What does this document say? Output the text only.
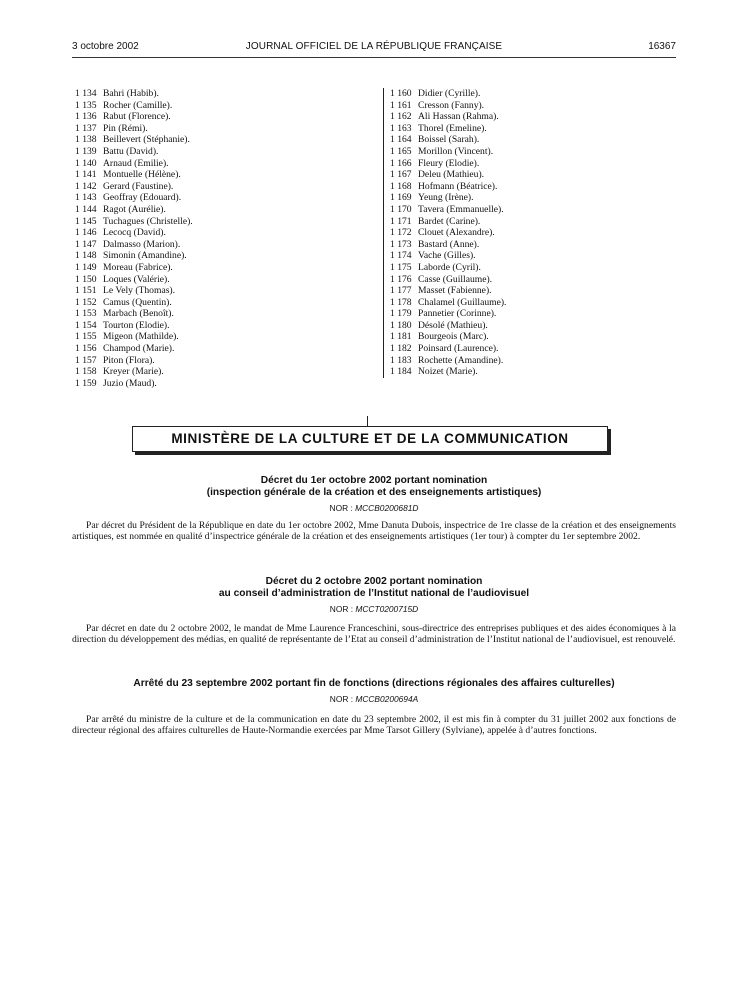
3 octobre 2002	JOURNAL OFFICIEL DE LA RÉPUBLIQUE FRANÇAISE	16367
1 134 Bahri (Habib).
1 135 Rocher (Camille).
1 136 Rabut (Florence).
1 137 Pin (Rémi).
1 138 Beillevert (Stéphanie).
1 139 Battu (David).
1 140 Arnaud (Emilie).
1 141 Montuelle (Hélène).
1 142 Gerard (Faustine).
1 143 Geoffray (Edouard).
1 144 Ragot (Aurélie).
1 145 Tuchagues (Christelle).
1 146 Lecocq (David).
1 147 Dalmasso (Marion).
1 148 Simonin (Amandine).
1 149 Moreau (Fabrice).
1 150 Loques (Valérie).
1 151 Le Vely (Thomas).
1 152 Camus (Quentin).
1 153 Marbach (Benoît).
1 154 Tourton (Elodie).
1 155 Migeon (Mathilde).
1 156 Champod (Marie).
1 157 Piton (Flora).
1 158 Kreyer (Marie).
1 159 Juzio (Maud).
1 160 Didier (Cyrille).
1 161 Cresson (Fanny).
1 162 Ali Hassan (Rahma).
1 163 Thorel (Emeline).
1 164 Boissel (Sarah).
1 165 Morillon (Vincent).
1 166 Fleury (Elodie).
1 167 Deleu (Mathieu).
1 168 Hofmann (Béatrice).
1 169 Yeung (Irène).
1 170 Tavera (Emmanuelle).
1 171 Bardet (Carine).
1 172 Clouet (Alexandre).
1 173 Bastard (Anne).
1 174 Vache (Gilles).
1 175 Laborde (Cyril).
1 176 Casse (Guillaume).
1 177 Masset (Fabienne).
1 178 Chalamel (Guillaume).
1 179 Pannetier (Corinne).
1 180 Désolé (Mathieu).
1 181 Bourgeois (Marc).
1 182 Poinsard (Laurence).
1 183 Rochette (Amandine).
1 184 Noizet (Marie).
MINISTÈRE DE LA CULTURE ET DE LA COMMUNICATION
Décret du 1er octobre 2002 portant nomination
(inspection générale de la création et des enseignements artistiques)
NOR : MCCB0200681D
Par décret du Président de la République en date du 1er octobre 2002, Mme Danuta Dubois, inspectrice de 1re classe de la création et des enseignements artistiques, est nommée en qualité d’inspectrice générale de la création et des enseignements artistiques (1er tour) à compter du 1er septembre 2002.
Décret du 2 octobre 2002 portant nomination
au conseil d’administration de l’Institut national de l’audiovisuel
NOR : MCCT0200715D
Par décret en date du 2 octobre 2002, le mandat de Mme Laurence Franceschini, sous-directrice des entreprises publiques et des aides économiques à la direction du développement des médias, en qualité de représentante de l’Etat au conseil d’administration de l’Institut national de l’audiovisuel, est renouvelé.
Arrêté du 23 septembre 2002 portant fin de fonctions (directions régionales des affaires culturelles)
NOR : MCCB0200694A
Par arrêté du ministre de la culture et de la communication en date du 23 septembre 2002, il est mis fin à compter du 31 juillet 2002 aux fonctions de directeur régional des affaires culturelles de Haute-Normandie exercées par Mme Tarsot Gillery (Sylviane), appelée à d’autres fonctions.
